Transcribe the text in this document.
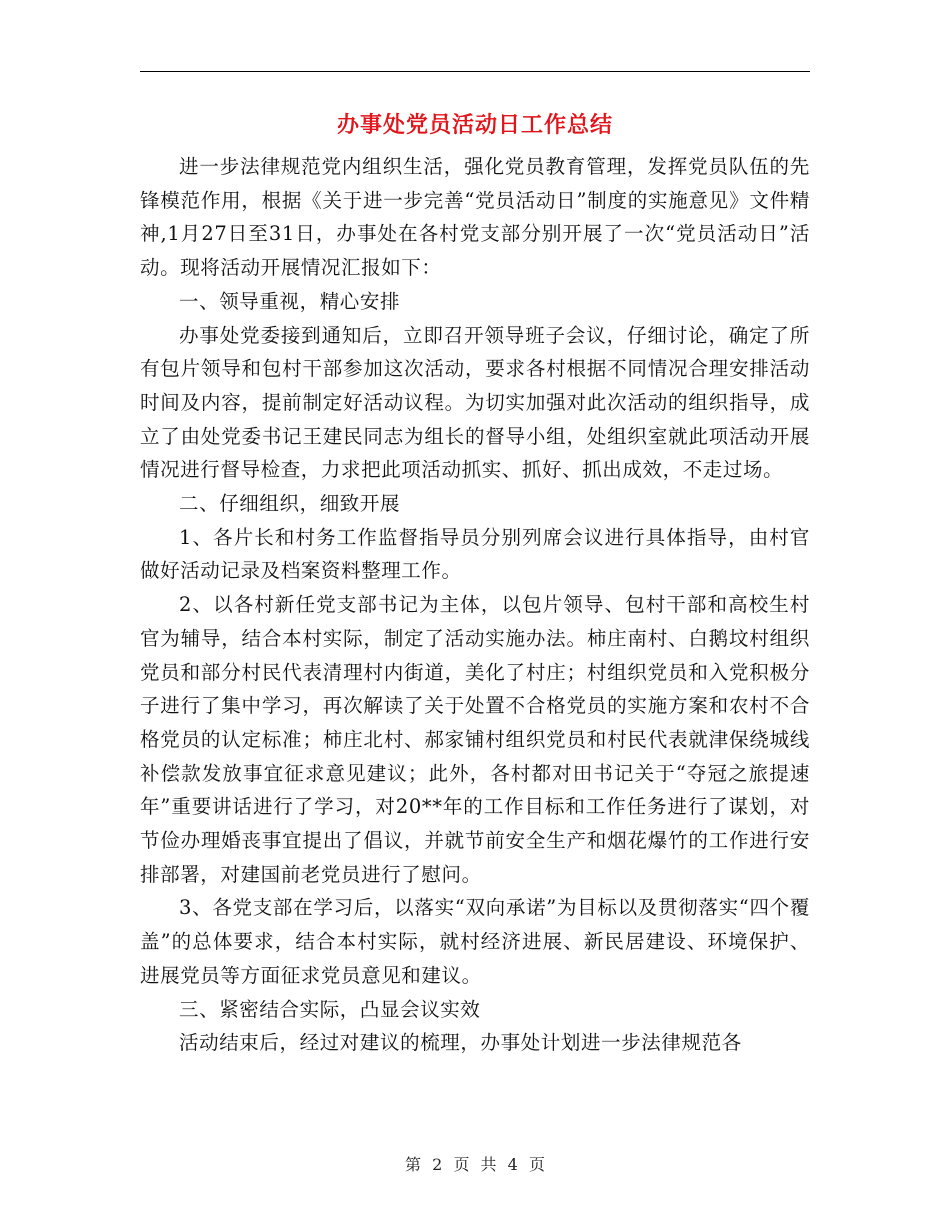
办事处党员活动日工作总结

进一步法律规范党内组织生活，强化党员教育管理，发挥党员队伍的先锋模范作用，根据《关于进一步完善“党员活动日”制度的实施意见》文件精神,1月27日至31日，办事处在各村党支部分别开展了一次“党员活动日”活动。现将活动开展情况汇报如下：

一、领导重视，精心安排

办事处党委接到通知后，立即召开领导班子会议，仔细讨论，确定了所有包片领导和包村干部参加这次活动，要求各村根据不同情况合理安排活动时间及内容，提前制定好活动议程。为切实加强对此次活动的组织指导，成立了由处党委书记王建民同志为组长的督导小组，处组织室就此项活动开展情况进行督导检查，力求把此项活动抓实、抓好、抓出成效，不走过场。

二、仔细组织，细致开展

1、各片长和村务工作监督指导员分别列席会议进行具体指导，由村官做好活动记录及档案资料整理工作。

2、以各村新任党支部书记为主体，以包片领导、包村干部和高校生村官为辅导，结合本村实际，制定了活动实施办法。柿庄南村、白鹅坟村组织党员和部分村民代表清理村内街道，美化了村庄；村组织党员和入党积极分子进行了集中学习，再次解读了关于处置不合格党员的实施方案和农村不合格党员的认定标准；柿庄北村、郝家铺村组织党员和村民代表就津保绕城线补偿款发放事宜征求意见建议；此外，各村都对田书记关于“夺冠之旅提速年”重要讲话进行了学习，对20**年的工作目标和工作任务进行了谋划，对节俭办理婚丧事宜提出了倡议，并就节前安全生产和烟花爆竹的工作进行安排部署，对建国前老党员进行了慰问。

3、各党支部在学习后，以落实“双向承诺”为目标以及贯彻落实“四个覆盖”的总体要求，结合本村实际，就村经济进展、新民居建设、环境保护、进展党员等方面征求党员意见和建议。

三、紧密结合实际，凸显会议实效

活动结束后，经过对建议的梳理，办事处计划进一步法律规范各

第 2 页 共 4 页
